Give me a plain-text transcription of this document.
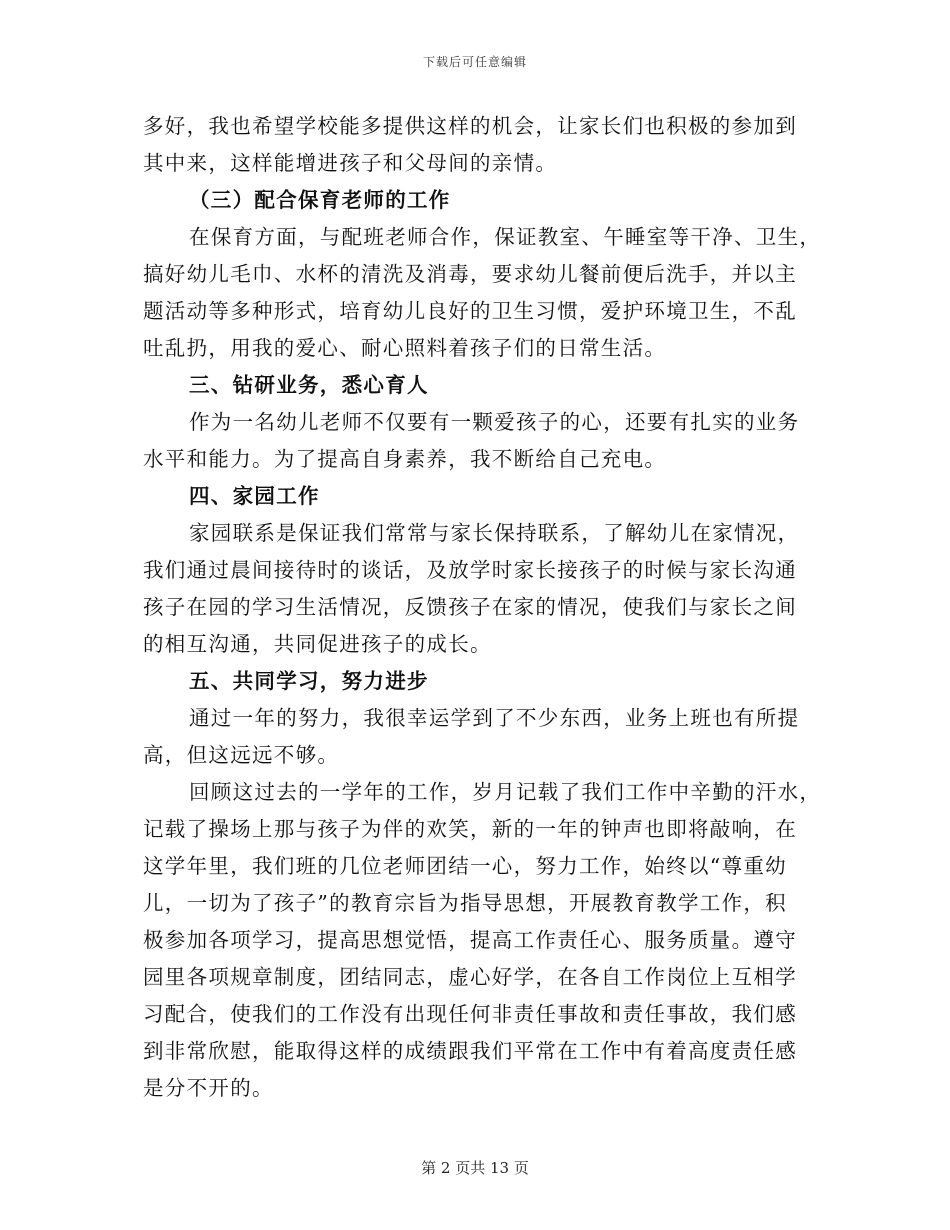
下载后可任意编辑
多好，我也希望学校能多提供这样的机会，让家长们也积极的参加到
其中来，这样能增进孩子和父母间的亲情。
（三）配合保育老师的工作
在保育方面，与配班老师合作，保证教室、午睡室等干净、卫生，
搞好幼儿毛巾、水杯的清洗及消毒，要求幼儿餐前便后洗手，并以主
题活动等多种形式，培育幼儿良好的卫生习惯，爱护环境卫生，不乱
吐乱扔，用我的爱心、耐心照料着孩子们的日常生活。
三、钻研业务，悉心育人
作为一名幼儿老师不仅要有一颗爱孩子的心，还要有扎实的业务
水平和能力。为了提高自身素养，我不断给自己充电。
四、家园工作
家园联系是保证我们常常与家长保持联系，了解幼儿在家情况，
我们通过晨间接待时的谈话，及放学时家长接孩子的时候与家长沟通
孩子在园的学习生活情况，反馈孩子在家的情况，使我们与家长之间
的相互沟通，共同促进孩子的成长。
五、共同学习，努力进步
通过一年的努力，我很幸运学到了不少东西，业务上班也有所提
高，但这远远不够。
回顾这过去的一学年的工作，岁月记载了我们工作中辛勤的汗水，
记载了操场上那与孩子为伴的欢笑，新的一年的钟声也即将敲响，在
这学年里，我们班的几位老师团结一心，努力工作，始终以“尊重幼
儿，一切为了孩子”的教育宗旨为指导思想，开展教育教学工作，积
极参加各项学习，提高思想觉悟，提高工作责任心、服务质量。遵守
园里各项规章制度，团结同志，虚心好学，在各自工作岗位上互相学
习配合，使我们的工作没有出现任何非责任事故和责任事故，我们感
到非常欣慰，能取得这样的成绩跟我们平常在工作中有着高度责任感
是分不开的。
第 2 页共 13 页
